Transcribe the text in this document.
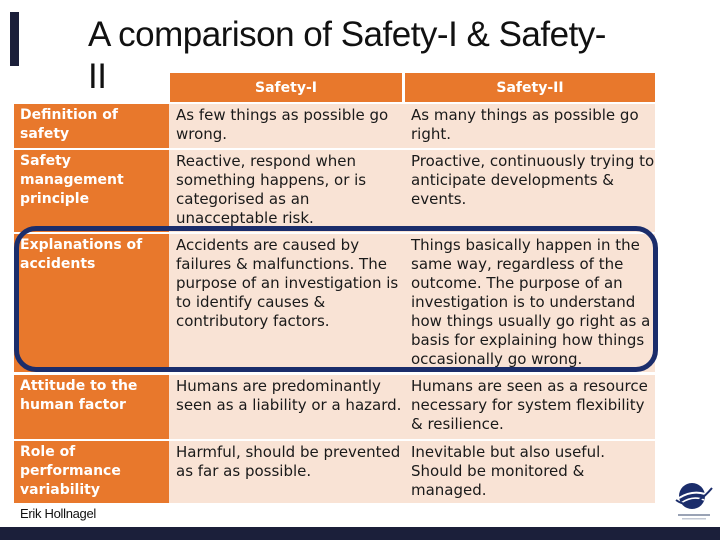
A comparison of Safety-I & Safety-
II	Safety-I	Safety-II
Definition of safety
As few things as possible go wrong.
As many things as possible go right.
Safety management principle
Reactive, respond when something happens, or is categorised as an unacceptable risk.
Proactive, continuously trying to anticipate developments & events.
Explanations of accidents
Accidents are caused by failures & malfunctions. The purpose of an investigation is to identify causes & contributory factors.
Things basically happen in the same way, regardless of the outcome. The purpose of an investigation is to understand how things usually go right as a basis for explaining how things occasionally go wrong.
Attitude to the human factor
Humans are predominantly seen as a liability or a hazard.
Humans are seen as a resource necessary for system flexibility & resilience.
Role of performance variability
Harmful, should be prevented as far as possible.
Inevitable but also useful. Should be monitored & managed.
Erik Hollnagel
